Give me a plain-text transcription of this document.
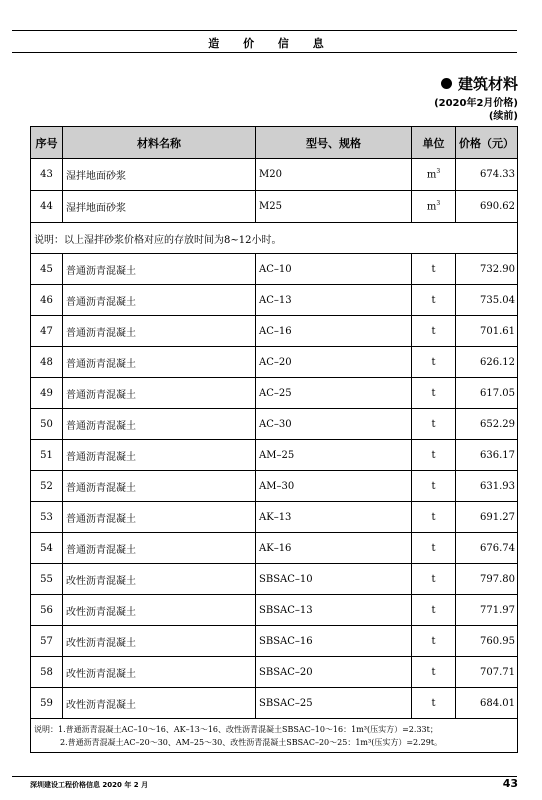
造 价 信 息
建筑材料
(2020年2月价格)
(续前)
序号	材料名称	型号、规格	单位	价格（元）
43	湿拌地面砂浆	M20	$m^3$	674.33
44	湿拌地面砂浆	M25	$m^3$	690.62
说明：以上湿拌砂浆价格对应的存放时间为8~12小时。				
45	普通沥青混凝土	AC–10	t	732.90
46	普通沥青混凝土	AC–13	t	735.04
47	普通沥青混凝土	AC–16	t	701.61
48	普通沥青混凝土	AC–20	t	626.12
49	普通沥青混凝土	AC–25	t	617.05
50	普通沥青混凝土	AC–30	t	652.29
51	普通沥青混凝土	AM–25	t	636.17
52	普通沥青混凝土	AM–30	t	631.93
53	普通沥青混凝土	AK–13	t	691.27
54	普通沥青混凝土	AK–16	t	676.74
55	改性沥青混凝土	SBSAC–10	t	797.80
56	改性沥青混凝土	SBSAC–13	t	771.97
57	改性沥青混凝土	SBSAC–16	t	760.95
58	改性沥青混凝土	SBSAC–20	t	707.71
59	改性沥青混凝土	SBSAC–25	t	684.01

说明：1.普通沥青混凝土AC–10～16、AK–13～16、改性沥青混凝土SBSAC–10～16：1m³(压实方）=2.33t；
2.普通沥青混凝土AC–20～30、AM–25～30、改性沥青混凝土SBSAC–20～25：1m³(压实方）=2.29t。				
深圳建设工程价格信息 2020 年 2 月	43
